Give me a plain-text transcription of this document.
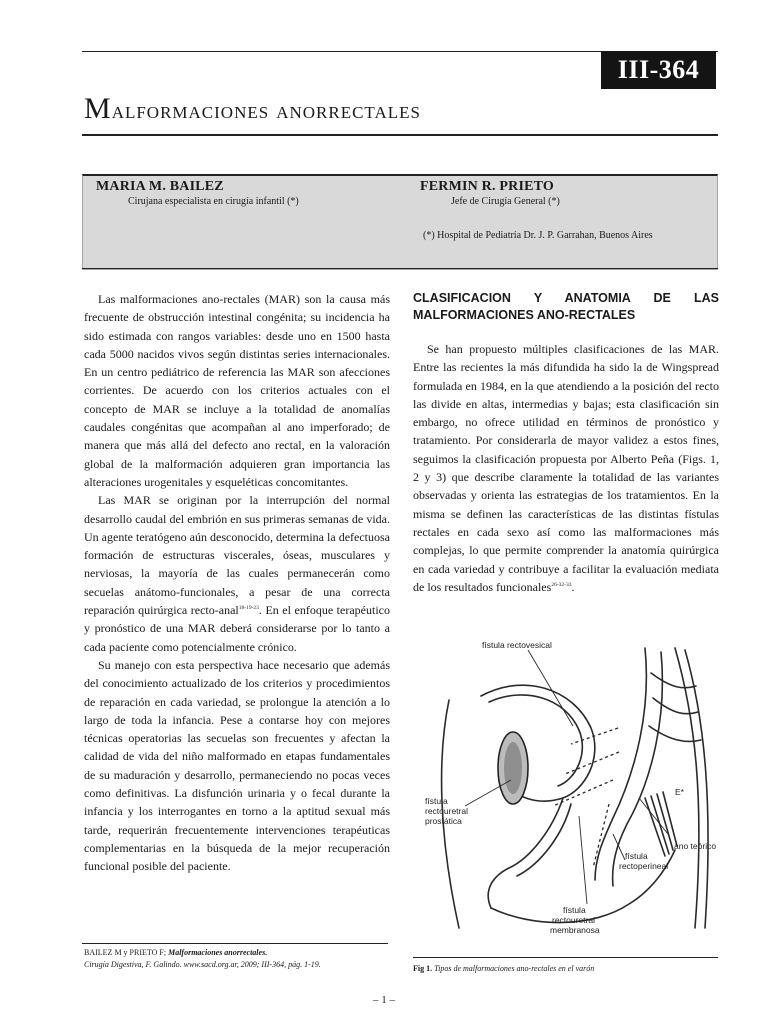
III-364
Malformaciones anorrectales
MARIA M. BAILEZ
Cirujana especialista en cirugía infantil (*)
FERMIN R. PRIETO
Jefe de Cirugía General (*)
(*) Hospital de Pediatría Dr. J. P. Garrahan, Buenos Aires

Las malformaciones ano-rectales (MAR) son la causa más frecuente de obstrucción intestinal congénita; su incidencia ha sido estimada con rangos variables: desde uno en 1500 hasta cada 5000 nacidos vivos según distintas series internacionales. En un centro pediátrico de referencia las MAR son afecciones corrientes. De acuerdo con los criterios actuales con el concepto de MAR se incluye a la totalidad de anomalías caudales congénitas que acompañan al ano imperforado; de manera que más allá del defecto ano rectal, en la valoración global de la malformación adquieren gran importancia las alteraciones urogenitales y esqueléticas concomitantes.

Las MAR se originan por la interrupción del normal desarrollo caudal del embrión en sus primeras semanas de vida. Un agente teratógeno aún desconocido, determina la defectuosa formación de estructuras viscerales, óseas, musculares y nerviosas, la mayoría de las cuales permanecerán como secuelas anátomo-funcionales, a pesar de una correcta reparación quirúrgica recto-anal$^{18-19-23}$. En el enfoque terapéutico y pronóstico de una MAR deberá considerarse por lo tanto a cada paciente como potencialmente crónico.

Su manejo con esta perspectiva hace necesario que además del conocimiento actualizado de los criterios y procedimientos de reparación en cada variedad, se prolongue la atención a lo largo de toda la infancia. Pese a contarse hoy con mejores técnicas operatorias las secuelas son frecuentes y afectan la calidad de vida del niño malformado en etapas fundamentales de su maduración y desarrollo, permaneciendo no pocas veces como definitivas. La disfunción urinaria y o fecal durante la infancia y los interrogantes en torno a la aptitud sexual más tarde, requerirán frecuentemente intervenciones terapéuticas complementarias en la búsqueda de la mejor recuperación funcional posible del paciente.

CLASIFICACION Y ANATOMIA DE LAS MALFORMACIONES ANO-RECTALES

Se han propuesto múltiples clasificaciones de las MAR. Entre las recientes la más difundida ha sido la de Wingspread formulada en 1984, en la que atendiendo a la posición del recto las divide en altas, intermedias y bajas; esta clasificación sin embargo, no ofrece utilidad en términos de pronóstico y tratamiento. Por considerarla de mayor validez a estos fines, seguimos la clasificación propuesta por Alberto Peña (Figs. 1, 2 y 3) que describe claramente la totalidad de las variantes observadas y orienta las estrategias de los tratamientos. En la misma se definen las características de las distintas fístulas rectales en cada sexo así como las malformaciones más complejas, lo que permite comprender la anatomía quirúrgica en cada variedad y contribuye a facilitar la evaluación mediata de los resultados funcionales$^{26-32-33}$.

fístula rectovesical
fístula
rectouretral
prostática
E*
ano teórico
fístula
rectoperineal
fístula
rectouretral
membranosa
Fig 1. Tipos de malformaciones ano-rectales en el varón
BAILEZ M y PRIETO F; Malformaciones anorrectales.
Cirugía Digestiva, F. Galindo. www.sacd.org.ar, 2009; III-364, pág. 1-19.
– 1 –
